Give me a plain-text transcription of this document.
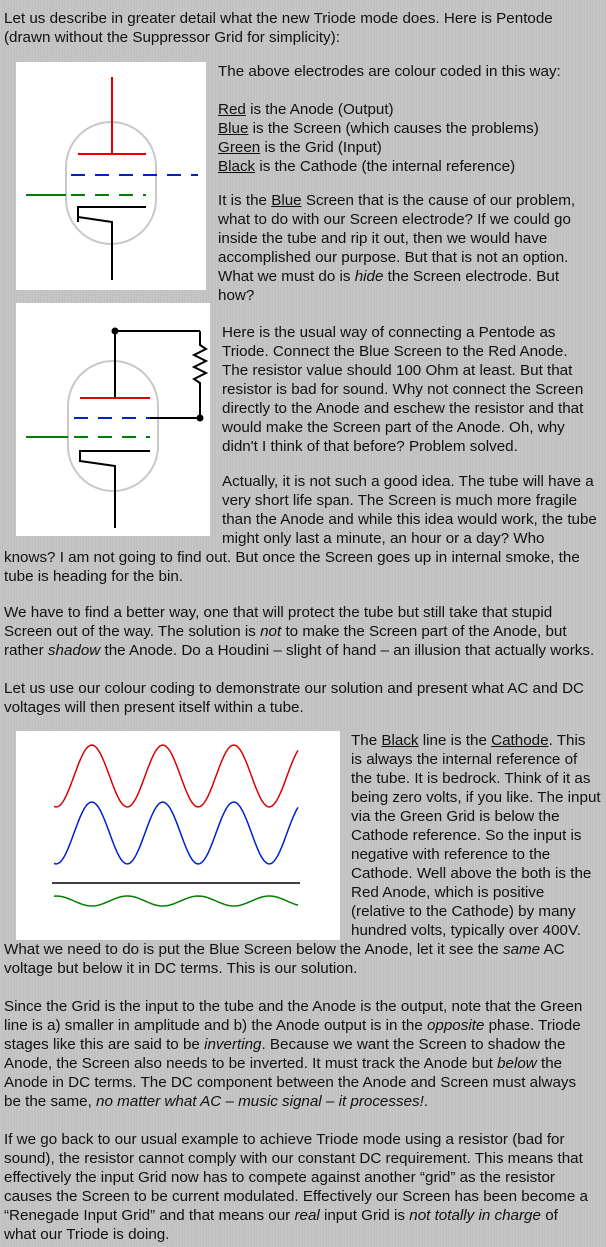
Let us describe in greater detail what the new Triode mode does. Here is Pentode
(drawn without the Suppressor Grid for simplicity):
The above electrodes are colour coded in this way:
Red is the Anode (Output)
Blue is the Screen (which causes the problems)
Green is the Grid (Input)
Black is the Cathode (the internal reference)
It is the Blue Screen that is the cause of our problem,
what to do with our Screen electrode? If we could go
inside the tube and rip it out, then we would have
accomplished our purpose. But that is not an option.
What we must do is hide the Screen electrode. But
how?
Here is the usual way of connecting a Pentode as
Triode. Connect the Blue Screen to the Red Anode.
The resistor value should 100 Ohm at least. But that
resistor is bad for sound. Why not connect the Screen
directly to the Anode and eschew the resistor and that
would make the Screen part of the Anode. Oh, why
didn't I think of that before? Problem solved.
Actually, it is not such a good idea. The tube will have a
very short life span. The Screen is much more fragile
than the Anode and while this idea would work, the tube
might only last a minute, an hour or a day? Who
knows? I am not going to find out. But once the Screen goes up in internal smoke, the
tube is heading for the bin.
We have to find a better way, one that will protect the tube but still take that stupid
Screen out of the way. The solution is not to make the Screen part of the Anode, but
rather shadow the Anode. Do a Houdini – slight of hand – an illusion that actually works.
Let us use our colour coding to demonstrate our solution and present what AC and DC
voltages will then present itself within a tube.
The Black line is the Cathode. This
is always the internal reference of
the tube. It is bedrock. Think of it as
being zero volts, if you like. The input
via the Green Grid is below the
Cathode reference. So the input is
negative with reference to the
Cathode. Well above the both is the
Red Anode, which is positive
(relative to the Cathode) by many
hundred volts, typically over 400V.
What we need to do is put the Blue Screen below the Anode, let it see the same AC
voltage but below it in DC terms. This is our solution.
Since the Grid is the input to the tube and the Anode is the output, note that the Green
line is a) smaller in amplitude and b) the Anode output is in the opposite phase. Triode
stages like this are said to be inverting. Because we want the Screen to shadow the
Anode, the Screen also needs to be inverted. It must track the Anode but below the
Anode in DC terms. The DC component between the Anode and Screen must always
be the same, no matter what AC – music signal – it processes!.
If we go back to our usual example to achieve Triode mode using a resistor (bad for
sound), the resistor cannot comply with our constant DC requirement. This means that
effectively the input Grid now has to compete against another “grid” as the resistor
causes the Screen to be current modulated. Effectively our Screen has been become a
“Renegade Input Grid” and that means our real input Grid is not totally in charge of
what our Triode is doing.
